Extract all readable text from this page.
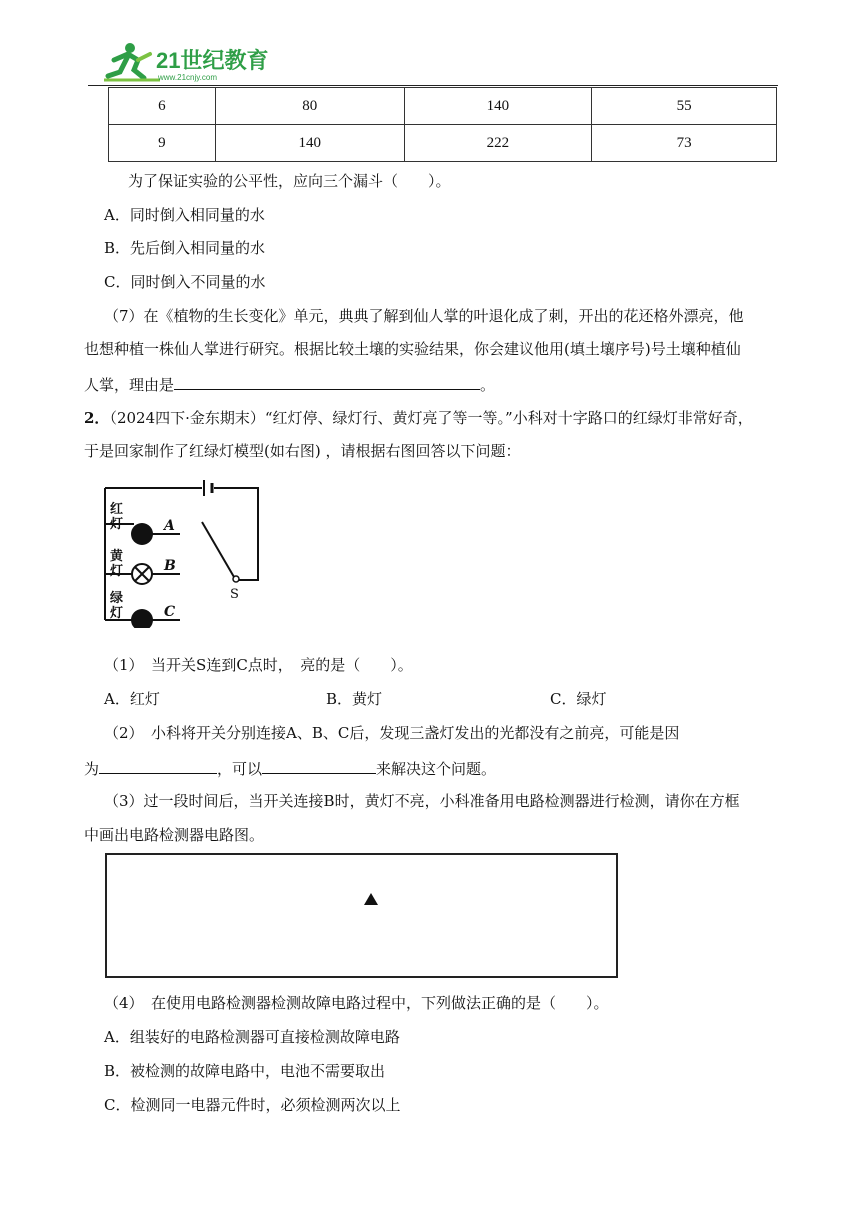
21世纪教育
www.21cnjy.com
6	80	140	55
9	140	222	73
为了保证实验的公平性，应向三个漏斗（　　）。
A．同时倒入相同量的水
B．先后倒入相同量的水
C．同时倒入不同量的水
（7）在《植物的生长变化》单元，典典了解到仙人掌的叶退化成了刺，开出的花还格外漂亮，他
也想种植一株仙人掌进行研究。根据比较土壤的实验结果，你会建议他用(填土壤序号)号土壤种植仙
人掌，理由是	。
2．（2024四下·金东期末）“红灯停、绿灯行、黄灯亮了等一等。”小科对十字路口的红绿灯非常好奇，
于是回家制作了红绿灯模型(如右图) ，请根据右图回答以下问题：
红
灯
黄
灯
绿
灯
A
B
C
S
（1）　当开关S连到C点时，　亮的是（　　）。
A．红灯	B．黄灯	C．绿灯
（2）　小科将开关分别连接A、B、C后，发现三盏灯发出的光都没有之前亮，可能是因
为	，可以	来解决这个问题。
（3）过一段时间后，当开关连接B时，黄灯不亮，小科准备用电路检测器进行检测，请你在方框
中画出电路检测器电路图。
（4）　在使用电路检测器检测故障电路过程中，下列做法正确的是（　　）。
A．组装好的电路检测器可直接检测故障电路
B．被检测的故障电路中，电池不需要取出
C．检测同一电器元件时，必须检测两次以上
